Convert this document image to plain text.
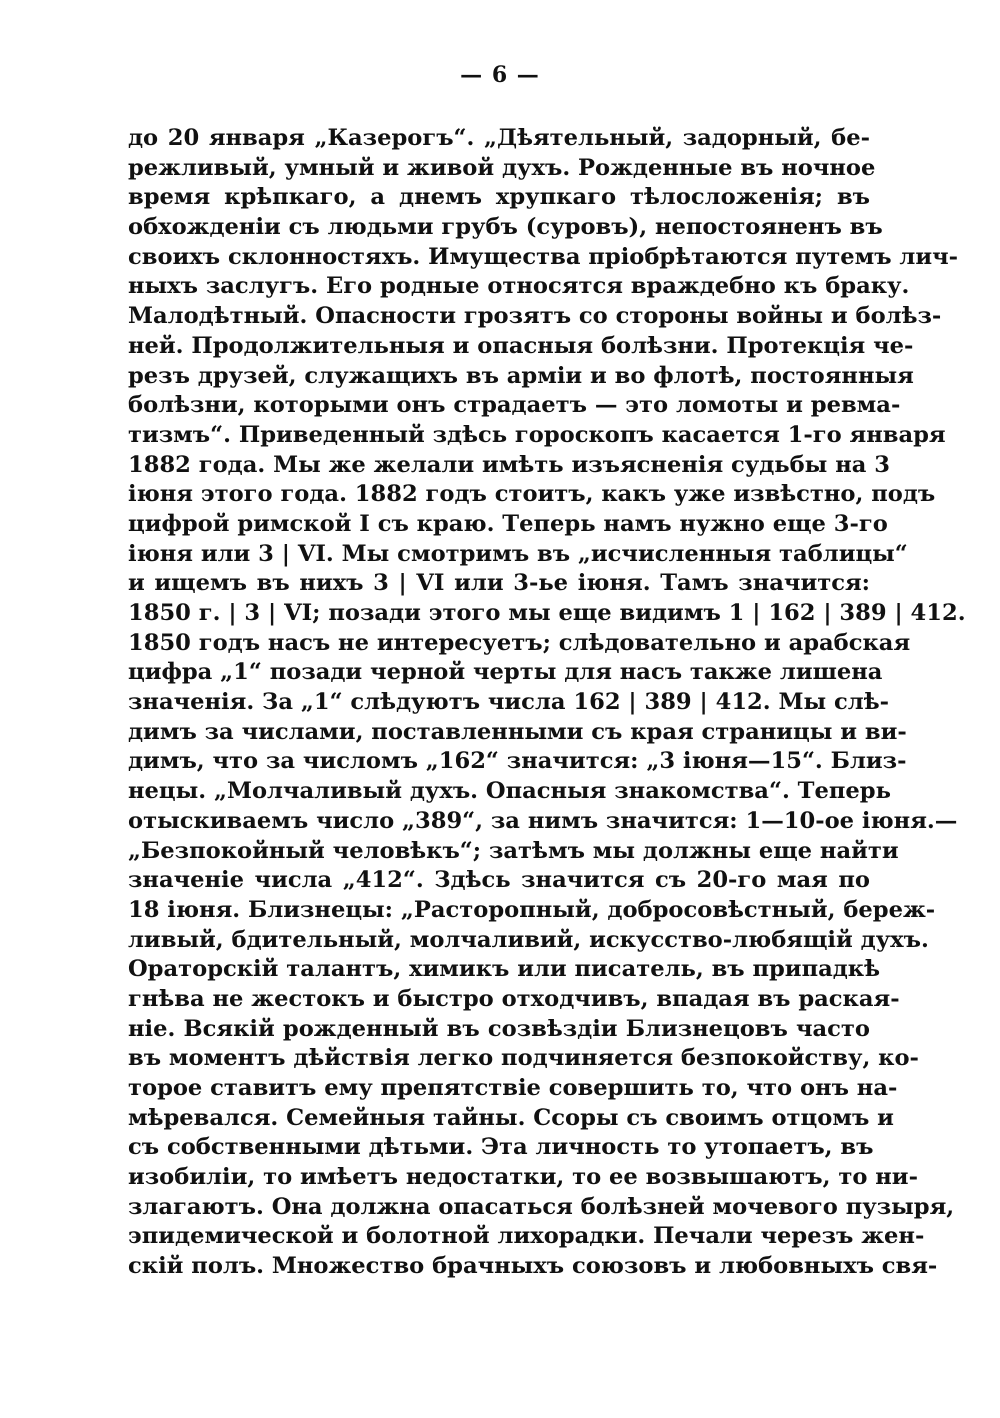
— 6 —
до 20 января „Казерогъ“. „Дѣятельный, задорный, бе-
режливый, умный и живой духъ. Рожденные въ ночное
время крѣпкаго, а днемъ хрупкаго тѣлосложенія; въ
обхожденіи съ людьми грубъ (суровъ), непостояненъ въ
своихъ склонностяхъ. Имущества пріобрѣтаются путемъ лич-
ныхъ заслугъ. Его родные относятся враждебно къ браку.
Малодѣтный. Опасности грозятъ со стороны войны и болѣз-
ней. Продолжительныя и опасныя болѣзни. Протекція че-
резъ друзей, служащихъ въ арміи и во флотѣ, постоянныя
болѣзни, которыми онъ страдаетъ — это ломоты и ревма-
тизмъ“. Приведенный здѣсь гороскопъ касается 1-го января
1882 года. Мы же желали имѣть изъясненія судьбы на 3
іюня этого года. 1882 годъ стоитъ, какъ уже извѣстно, подъ
цифрой римской I съ краю. Теперь намъ нужно еще 3-го
іюня или 3 | VI. Мы смотримъ въ „исчисленныя таблицы“
и ищемъ въ нихъ 3 | VI или 3-ье іюня. Тамъ значится:
1850 г. | 3 | VI; позади этого мы еще видимъ 1 | 162 | 389 | 412.
1850 годъ насъ не интересуетъ; слѣдовательно и арабская
цифра „1“ позади черной черты для насъ также лишена
значенія. За „1“ слѣдуютъ числа 162 | 389 | 412. Мы слѣ-
димъ за числами, поставленными съ края страницы и ви-
димъ, что за числомъ „162“ значится: „3 іюня—15“. Близ-
нецы. „Молчаливый духъ. Опасныя знакомства“. Теперь
отыскиваемъ число „389“, за нимъ значится: 1—10-ое іюня.—
„Безпокойный человѣкъ“; затѣмъ мы должны еще найти
значеніе числа „412“. Здѣсь значится съ 20-го мая по
18 іюня. Близнецы: „Расторопный, добросовѣстный, береж-
ливый, бдительный, молчаливий, искусство-любящій духъ.
Ораторскій талантъ, химикъ или писатель, въ припадкѣ
гнѣва не жестокъ и быстро отходчивъ, впадая въ раская-
ніе. Всякій рожденный въ созвѣздіи Близнецовъ часто
въ моментъ дѣйствія легко подчиняется безпокойству, ко-
торое ставитъ ему препятствіе совершить то, что онъ на-
мѣревался. Семейныя тайны. Ссоры съ своимъ отцомъ и
съ собственными дѣтьми. Эта личность то утопаетъ, въ
изобиліи, то имѣетъ недостатки, то ее возвышаютъ, то ни-
злагаютъ. Она должна опасаться болѣзней мочевого пузыря,
эпидемической и болотной лихорадки. Печали черезъ жен-
скій полъ. Множество брачныхъ союзовъ и любовныхъ свя-
